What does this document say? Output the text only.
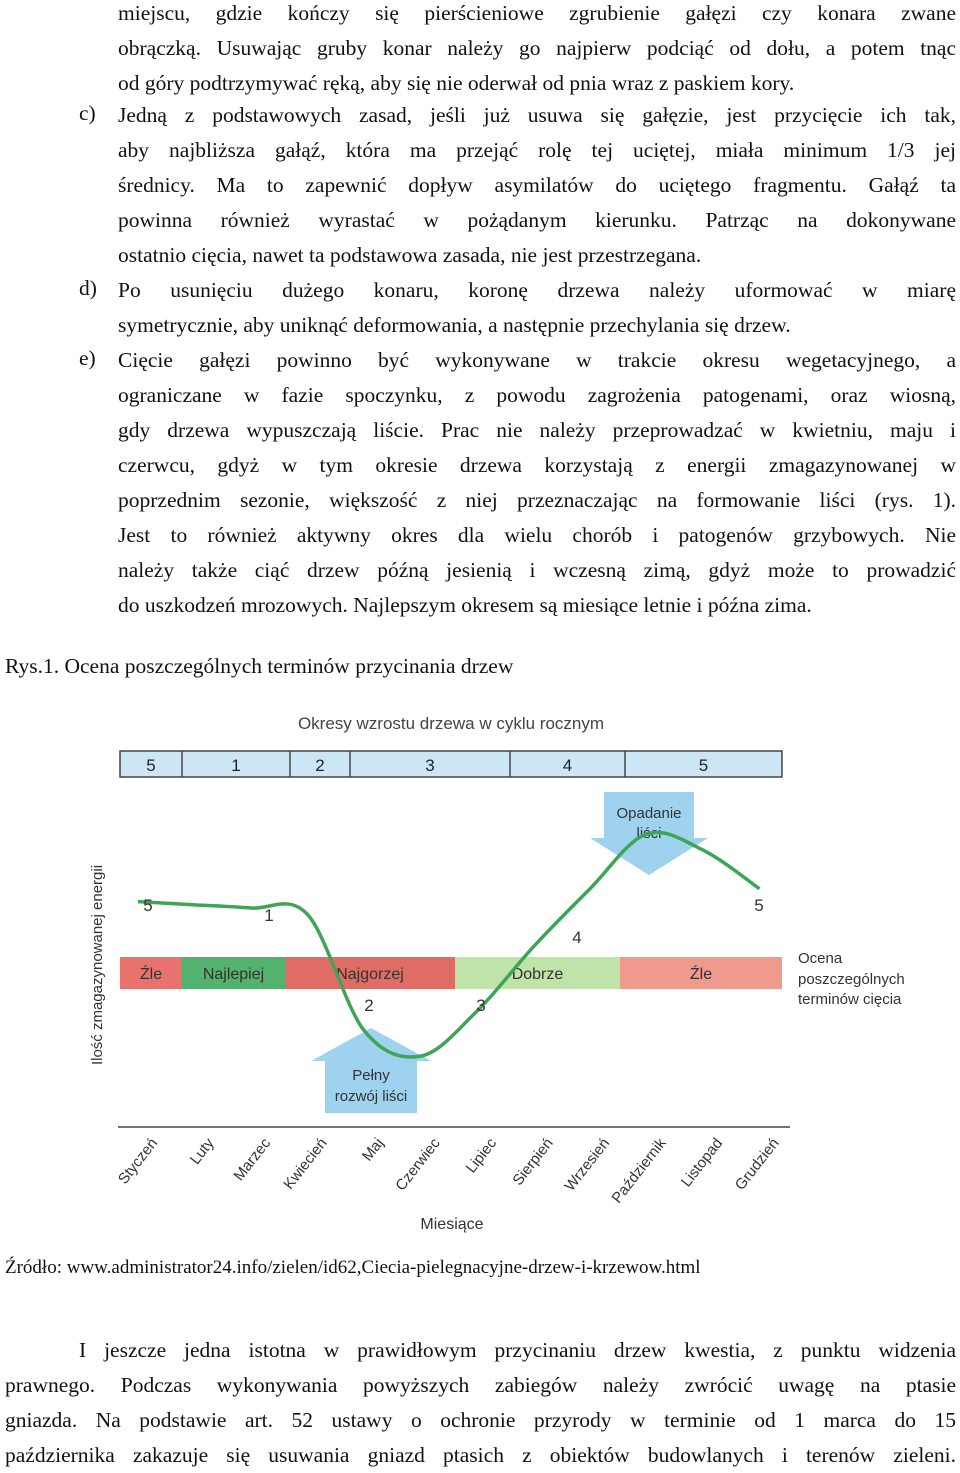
miejscu, gdzie kończy się pierścieniowe zgrubienie gałęzi czy konara zwane
obrączką. Usuwając gruby konar należy go najpierw podciąć od dołu, a potem tnąc
od góry podtrzymywać ręką, aby się nie oderwał od pnia wraz z paskiem kory.
c)	Jedną z podstawowych zasad, jeśli już usuwa się gałęzie, jest przycięcie ich tak,
aby najbliższa gałąź, która ma przejąć rolę tej uciętej, miała minimum 1/3 jej
średnicy. Ma to zapewnić dopływ asymilatów do uciętego fragmentu. Gałąź ta
powinna również wyrastać w pożądanym kierunku. Patrząc na dokonywane
ostatnio cięcia, nawet ta podstawowa zasada, nie jest przestrzegana.
d) Po usunięciu dużego konaru, koronę drzewa należy uformować w miarę
symetrycznie, aby uniknąć deformowania, a następnie przechylania się drzew.
e)	Cięcie gałęzi powinno być wykonywane w trakcie okresu wegetacyjnego, a
ograniczane w fazie spoczynku, z powodu zagrożenia patogenami, oraz wiosną,
gdy drzewa wypuszczają liście. Prac nie należy przeprowadzać w kwietniu, maju i
czerwcu, gdyż w tym okresie drzewa korzystają z energii zmagazynowanej w
poprzednim sezonie, większość z niej przeznaczając na formowanie liści (rys. 1).
Jest to również aktywny okres dla wielu chorób i patogenów grzybowych. Nie
należy także ciąć drzew późną jesienią i wczesną zimą, gdyż może to prowadzić
do uszkodzeń mrozowych. Najlepszym okresem są miesiące letnie i późna zima.
Rys.1. Ocena poszczególnych terminów przycinania drzew
Okresy wzrostu drzewa w cyklu rocznym
5	1	2	3	4	5
Źle	Najlepiej	Najgorzej	Dobrze	Źle
Ilość zmagazynowanej energii
Opadanie
liści
Pełny
rozwój liści
5
1
2	3
4
5
Ocena
poszczególnych
terminów cięcia
Styczeń Luty Marzec Kwiecień Maj Czerwiec Lipiec Sierpień Wrzesień
Październik Listopad Grudzień
Miesiące
Źródło: www.administrator24.info/zielen/id62,Ciecia-pielegnacyjne-drzew-i-krzewow.html
I jeszcze jedna istotna w prawidłowym przycinaniu drzew kwestia, z punktu widzenia
prawnego. Podczas wykonywania powyższych zabiegów należy zwrócić uwagę na ptasie
gniazda. Na podstawie art. 52 ustawy o ochronie przyrody w terminie od 1 marca do 15
października zakazuje się usuwania gniazd ptasich z obiektów budowlanych i terenów zieleni.
